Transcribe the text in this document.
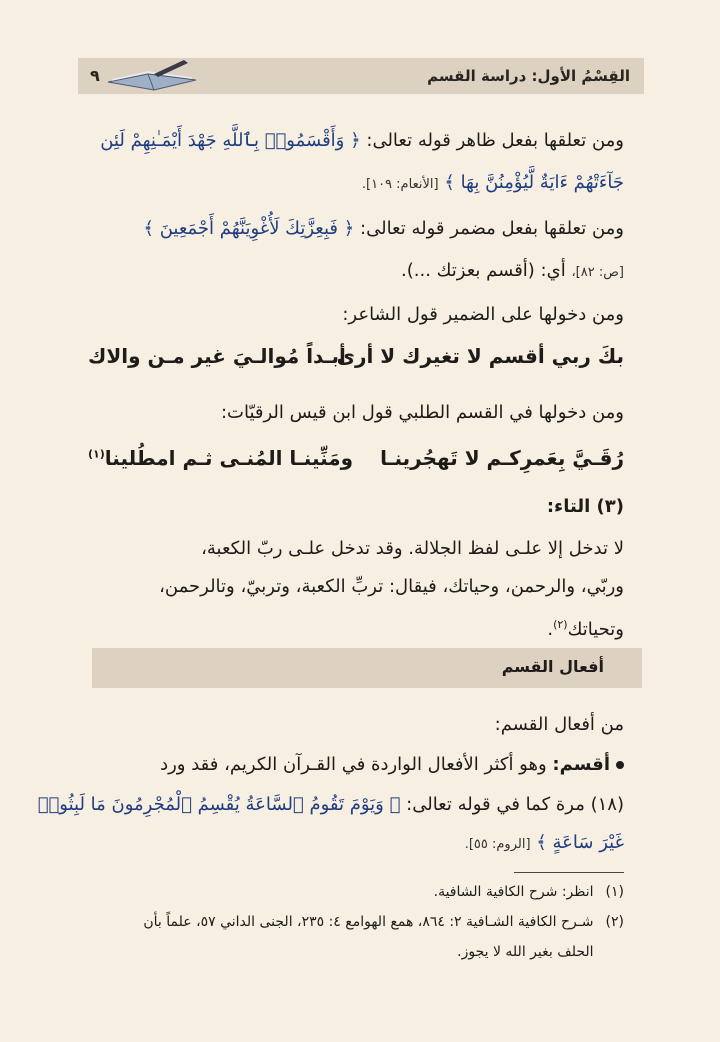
القِسْمُ الأول: دراسة القسم
٩
ومن تعلقها بفعل ظاهر قوله تعالى: ﴿ وَأَقْسَمُوا۟ بِٱللَّهِ جَهْدَ أَيْمَـٰنِهِمْ لَئِن
جَآءَتْهُمْ ءَايَةٌ لَّيُؤْمِنُنَّ بِهَا ﴾ [الأنعام: ١٠٩].
ومن تعلقها بفعل مضمر قوله تعالى: ﴿ فَبِعِزَّتِكَ لَأُغْوِيَنَّهُمْ أَجْمَعِينَ ﴾
[ص: ٨٢]، أي: (أقسم بعزتك ...).
ومن دخولها على الضمير قول الشاعر:
بكَ ربي أقسم لا تغيرك لا أرى
أبـداً مُوالـيَ غير مـن والاك
ومن دخولها في القسم الطلبي قول ابن قيس الرقيّات:
رُقَـيَّ بِعَمرِكـم لا تَهجُرينـا
ومَنِّينـا المُنـى ثـم امطُلينا$^{(١)}$
(٣) التاء:
لا تدخل إلا علـى لفظ الجلالة. وقد تدخل علـى ربّ الكعبة،
وربّي، والرحمن، وحياتك، فيقال: تربِّ الكعبة، وتربيّ، وتالرحمن،
وتحياتك$^{(٢)}$.
أفعال القسم
من أفعال القسم:
أقسم: وهو أكثر الأفعال الواردة في القـرآن الكريم، فقد ورد
(١٨) مرة كما في قوله تعالى: ﴿ وَيَوْمَ تَقُومُ ٱلسَّاعَةُ يُقْسِمُ ٱلْمُجْرِمُونَ مَا لَبِثُوا۟
غَيْرَ سَاعَةٍ ﴾ [الروم: ٥٥].
(١) انظر: شرح الكافية الشافية.
(٢) شـرح الكافية الشـافية ٢: ٨٦٤، همع الهوامع ٤: ٢٣٥، الجنى الداني ٥٧، علماً بأن
الحلف بغير الله لا يجوز.
